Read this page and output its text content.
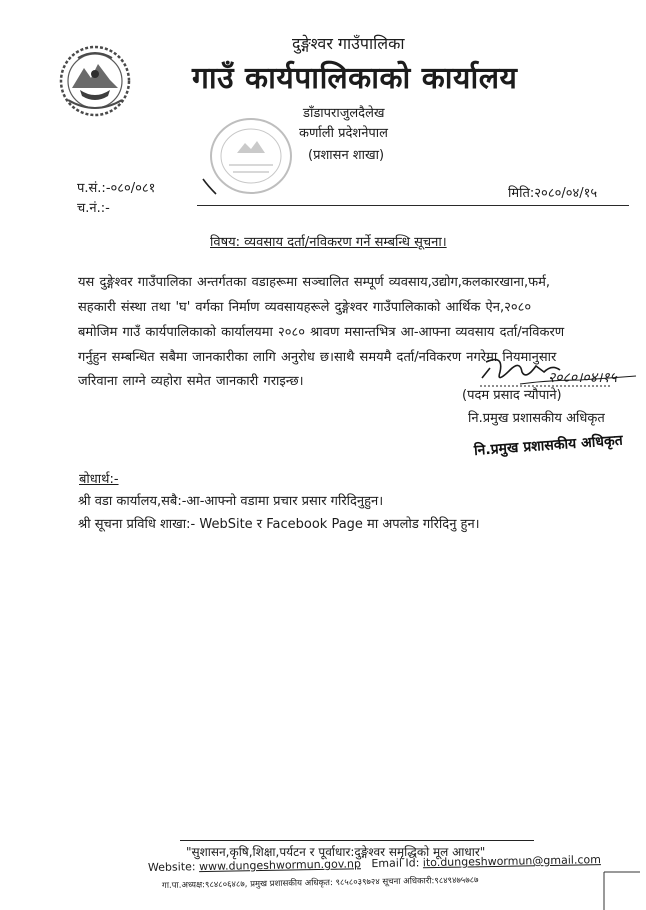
दुङ्गेश्वर गाउँपालिका
गाउँ कार्यपालिकाको कार्यालय
डाँडापराजुलदैलेख
कर्णाली प्रदेशनेपाल
(प्रशासन शाखा)
प.सं.:-०८०/०८१
च.नं.:-
मिति:२०८०/०४/१५
विषय: व्यवसाय दर्ता/नविकरण गर्ने सम्बन्धि सूचना।
यस दुङ्गेश्वर गाउँपालिका अन्तर्गतका वडाहरूमा सञ्चालित सम्पूर्ण व्यवसाय,उद्योग,कलकारखाना,फर्म,
सहकारी संस्था तथा 'घ' वर्गका निर्माण व्यवसायहरूले दुङ्गेश्वर गाउँपालिकाको आर्थिक ऐन,२०८०
बमोजिम गाउँ कार्यपालिकाको कार्यालयमा २०८० श्रावण मसान्तभित्र आ-आफ्ना व्यवसाय दर्ता/नविकरण
गर्नुहुन सम्बन्धित सबैमा जानकारीका लागि अनुरोध छ।साथै समयमै दर्ता/नविकरण नगरेमा नियमानुसार
जरिवाना लाग्ने व्यहोरा समेत जानकारी गराइन्छ।	२०८०।०४।१५
(पदम प्रसाद न्यौपाने)
नि.प्रमुख प्रशासकीय अधिकृत
नि.प्रमुख प्रशासकीय अधिकृत
बोधार्थ:-
श्री वडा कार्यालय,सबै:-आ-आफ्नो वडामा प्रचार प्रसार गरिदिनुहुन।
श्री सूचना प्रविधि शाखा:- WebSite र Facebook Page मा अपलोड गरिदिनु हुन।
"सुशासन,कृषि,शिक्षा,पर्यटन र पूर्वाधार:दुङ्गेश्वर समृद्धिको मूल आधार"
Website: www.dungeshwormun.gov.np Email Id: ito.dungeshwormun@gmail.com
गा.पा.अध्यक्ष:९८४८०६४८७, प्रमुख प्रशासकीय अधिकृत: ९८५८०३९७२४ सूचना अधिकारी:९८४९४७५७८७
